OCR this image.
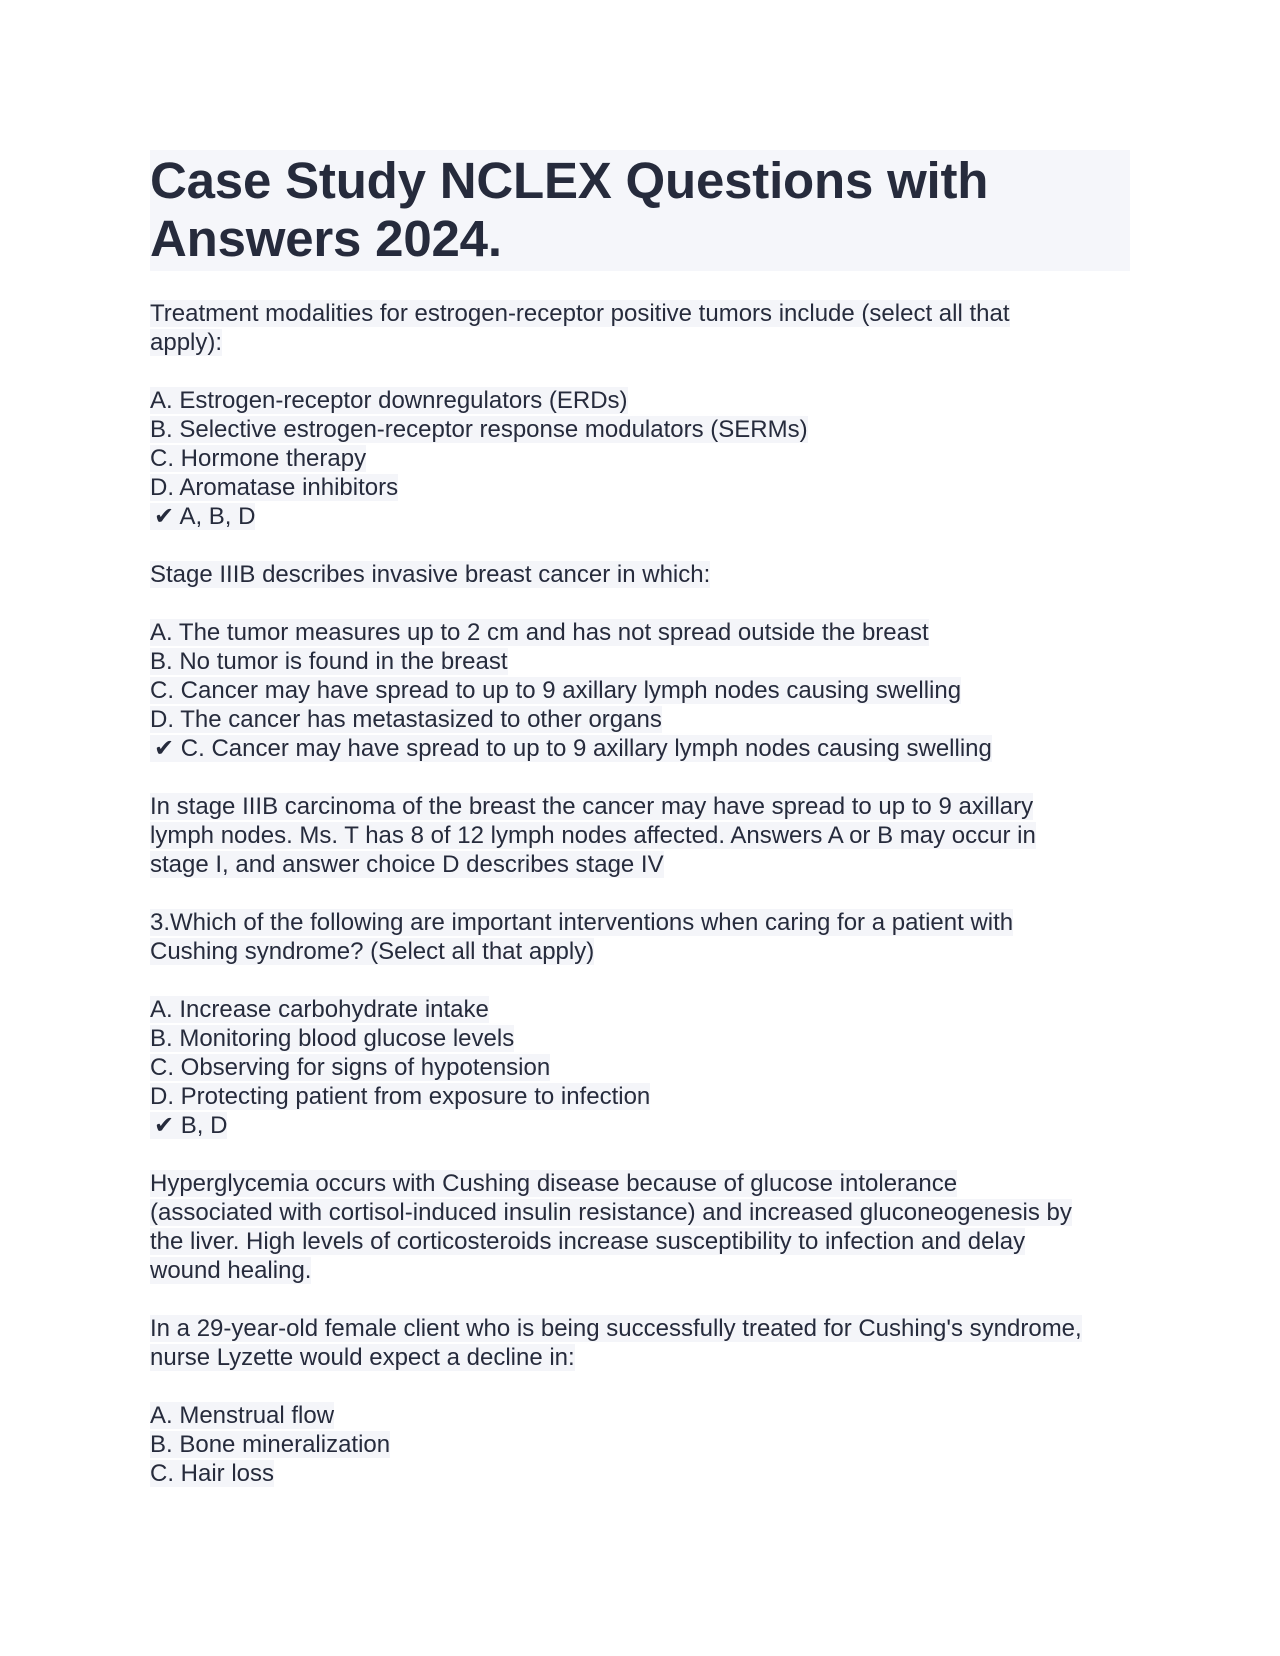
Case Study NCLEX Questions with Answers 2024.
Treatment modalities for estrogen-receptor positive tumors include (select all that
apply):
A. Estrogen-receptor downregulators (ERDs)
B. Selective estrogen-receptor response modulators (SERMs)
C. Hormone therapy
D. Aromatase inhibitors
✔ A, B, D
Stage IIIB describes invasive breast cancer in which:
A. The tumor measures up to 2 cm and has not spread outside the breast
B. No tumor is found in the breast
C. Cancer may have spread to up to 9 axillary lymph nodes causing swelling
D. The cancer has metastasized to other organs
✔ C. Cancer may have spread to up to 9 axillary lymph nodes causing swelling
In stage IIIB carcinoma of the breast the cancer may have spread to up to 9 axillary
lymph nodes. Ms. T has 8 of 12 lymph nodes affected. Answers A or B may occur in
stage I, and answer choice D describes stage IV
3.Which of the following are important interventions when caring for a patient with
Cushing syndrome? (Select all that apply)
A. Increase carbohydrate intake
B. Monitoring blood glucose levels
C. Observing for signs of hypotension
D. Protecting patient from exposure to infection
✔ B, D
Hyperglycemia occurs with Cushing disease because of glucose intolerance
(associated with cortisol-induced insulin resistance) and increased gluconeogenesis by
the liver. High levels of corticosteroids increase susceptibility to infection and delay
wound healing.
In a 29-year-old female client who is being successfully treated for Cushing's syndrome,
nurse Lyzette would expect a decline in:
A. Menstrual flow
B. Bone mineralization
C. Hair loss
